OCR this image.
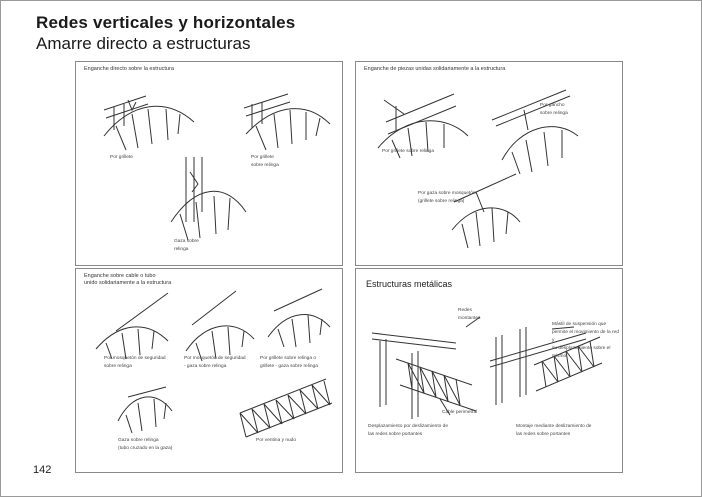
Redes verticales y horizontales
Amarre directo a estructuras
Enganche directo sobre la estructura
Por grillete	Por grillete
sobre relinga
Gaza sobre
relinga
Enganche de piezas unidas solidariamente a la estructura
Por gancho
sobre relinga
Por grillete sobre relinga
Por gaza sobre mosquetón
(grillete sobre relinga)
Enganche sobre cable o tubo
unido solidariamente a la estructura
Por mosquetón de seguridad
sobre relinga
Por mosquetón de seguridad
- gaza sobre relinga
Por grillete sobre relinga o
grillete - gaza sobre relinga
Gaza sobre relinga
(tubo cruzado en la gaza)
Por ventina y nudo
Estructuras metálicas
Redes
montantes
Mástil de suspensión que
permite el movimiento de la red y
su desplazamiento sobre el mismo
Cable perimetral
Desplazamiento por deslizamiento de
las redes sobre portantes
Montaje mediante deslizamiento de
las redes sobre portantes
142
